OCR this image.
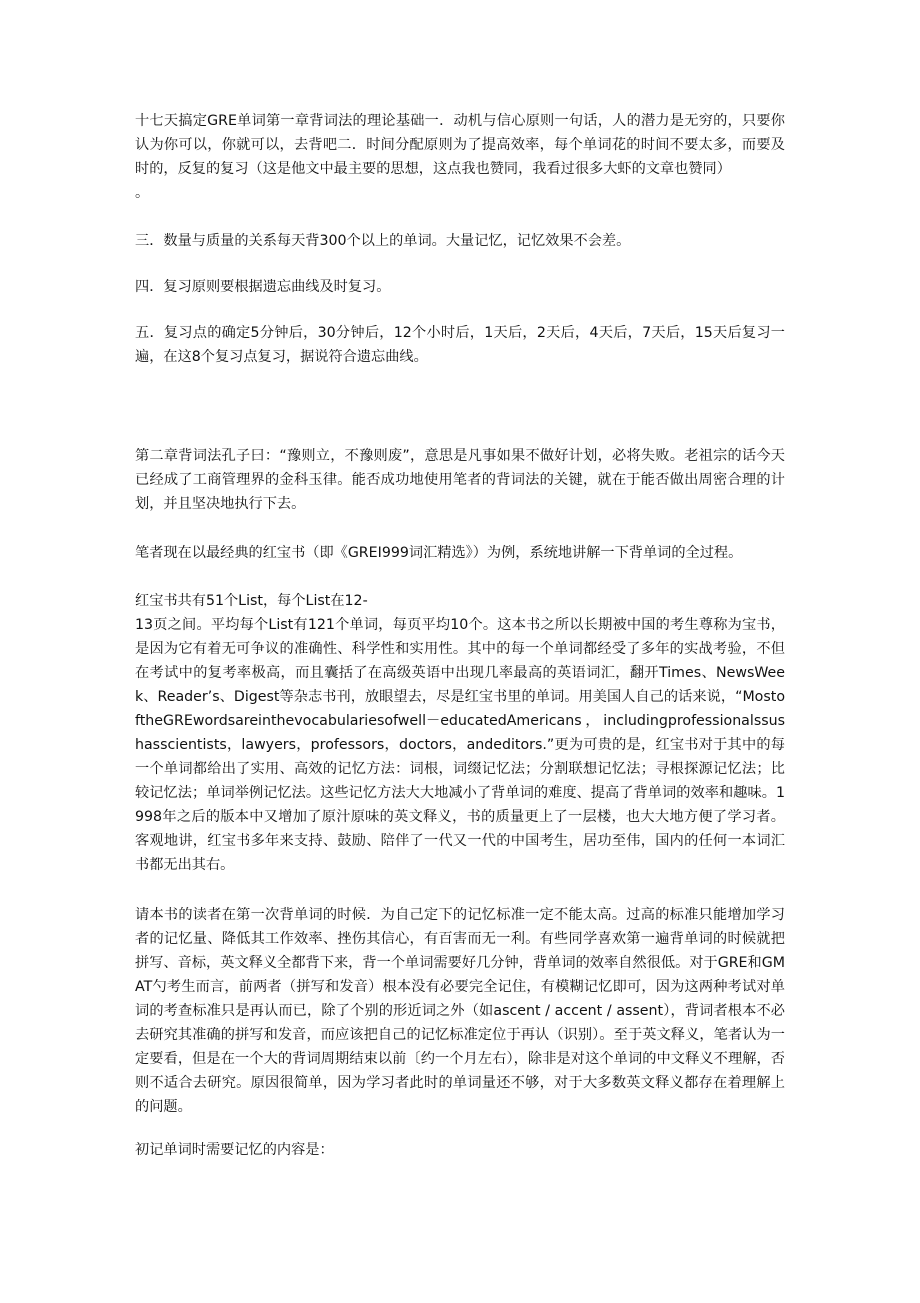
十七天搞定GRE单词第一章背词法的理论基础一．动机与信心原则一句话，人的潜力是无穷的，只要你认为你可以，你就可以，去背吧二．时间分配原则为了提高效率，每个单词花的时间不要太多，而要及时的，反复的复习（这是他文中最主要的思想，这点我也赞同，我看过很多大虾的文章也赞同）
。

三．数量与质量的关系每天背300个以上的单词。大量记忆，记忆效果不会差。

四．复习原则要根据遗忘曲线及时复习。

五．复习点的确定5分钟后，30分钟后，12个小时后，1天后，2天后，4天后，7天后，15天后复习一遍，在这8个复习点复习，据说符合遗忘曲线。

第二章背词法孔子曰：“豫则立，不豫则废”，意思是凡事如果不做好计划，必将失败。老祖宗的话今天已经成了工商管理界的金科玉律。能否成功地使用笔者的背词法的关键，就在于能否做出周密合理的计划，并且坚决地执行下去。

笔者现在以最经典的红宝书（即《GREI999词汇精选》）为例，系统地讲解一下背单词的全过程。

红宝书共有51个List，每个List在12-
13页之间。平均每个List有121个单词，每页平均10个。这本书之所以长期被中国的考生尊称为宝书，是因为它有着无可争议的准确性、科学性和实用性。其中的每一个单词都经受了多年的实战考验，不但在考试中的复考率极高，而且囊括了在高级英语中出现几率最高的英语词汇，翻开Times、NewsWeek、Reader’s、Digest等杂志书刊，放眼望去，尽是红宝书里的单词。用美国人自己的话来说，“MostoftheGREwordsareinthevocabulariesofwell－educatedAmericans，includingprofessionalssushasscientists，lawyers，professors，doctors，andeditors.”更为可贵的是，红宝书对于其中的每一个单词都给出了实用、高效的记忆方法：词根，词缀记忆法；分割联想记忆法；寻根探源记忆法；比较记忆法；单词举例记忆法。这些记忆方法大大地减小了背单词的难度、提高了背单词的效率和趣味。1998年之后的版本中又增加了原汁原味的英文释义，书的质量更上了一层楼，也大大地方便了学习者。客观地讲，红宝书多年来支持、鼓励、陪伴了一代又一代的中国考生，居功至伟，国内的任何一本词汇书都无出其右。

请本书的读者在第一次背单词的时候．为自己定下的记忆标准一定不能太高。过高的标准只能增加学习者的记忆量、降低其工作效率、挫伤其信心，有百害而无一利。有些同学喜欢第一遍背单词的时候就把拼写、音标，英文释义全都背下来，背一个单词需要好几分钟，背单词的效率自然很低。对于GRE和GMAT勺考生而言，前两者（拼写和发音）根本没有必要完全记住，有模糊记忆即可，因为这两种考试对单词的考查标准只是再认而已，除了个别的形近词之外（如ascent / accent / assent），背词者根本不必去研究其准确的拼写和发音，而应该把自己的记忆标准定位于再认（识别）。至于英文释义，笔者认为一定要看，但是在一个大的背词周期结束以前〔约一个月左右），除非是对这个单词的中文释义不理解，否则不适合去研究。原因很简单，因为学习者此时的单词量还不够，对于大多数英文释义都存在着理解上的问题。

初记单词时需要记忆的内容是：
